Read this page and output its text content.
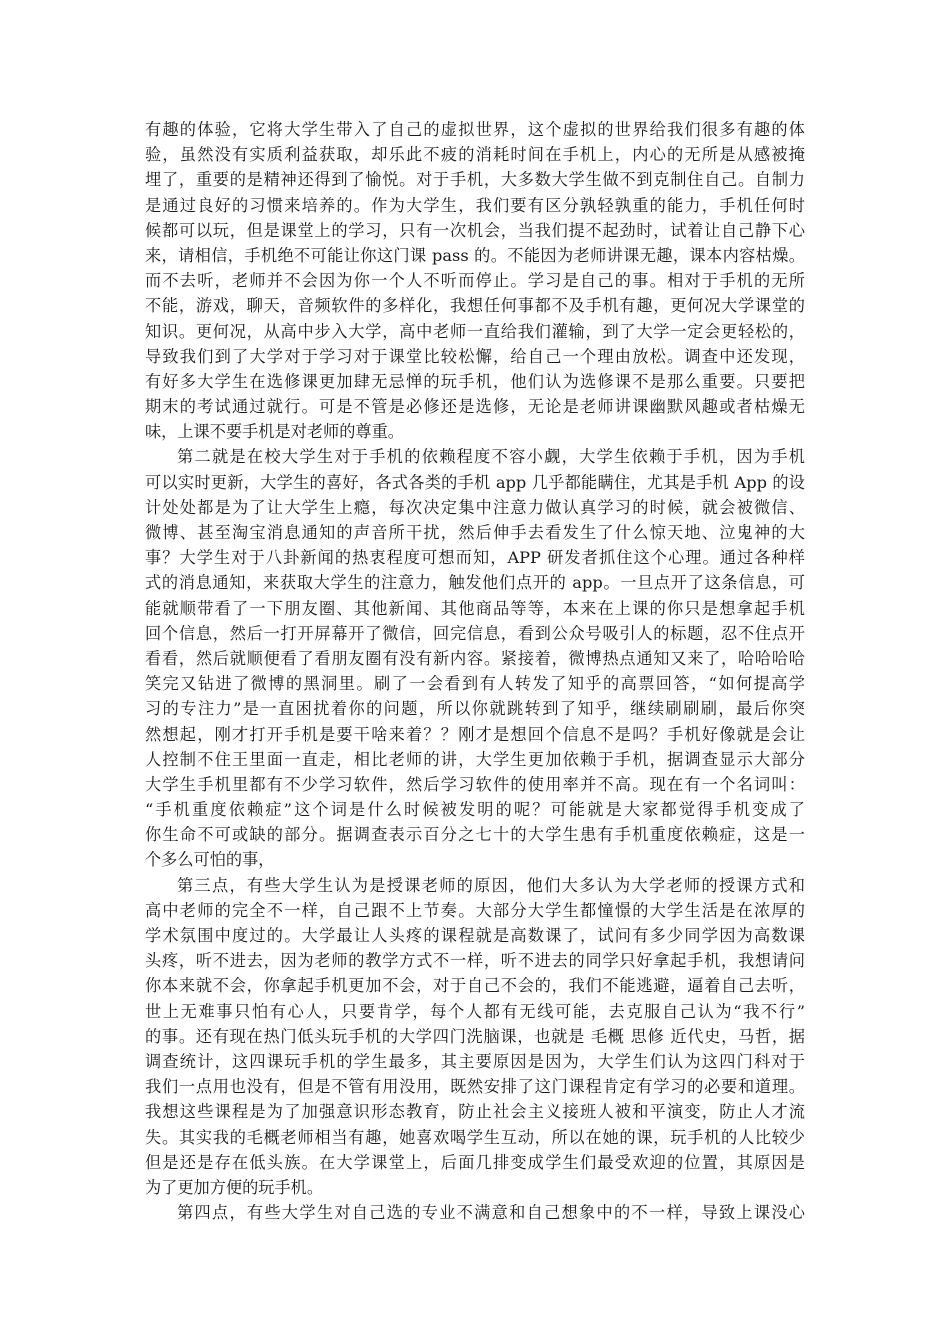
有趣的体验，它将大学生带入了自己的虚拟世界，这个虚拟的世界给我们很多有趣的体
验，虽然没有实质利益获取，却乐此不疲的消耗时间在手机上，内心的无所是从感被掩
埋了，重要的是精神还得到了愉悦。对于手机，大多数大学生做不到克制住自己。自制力
是通过良好的习惯来培养的。作为大学生，我们要有区分孰轻孰重的能力，手机任何时
候都可以玩，但是课堂上的学习，只有一次机会，当我们提不起劲时，试着让自己静下心
来，请相信，手机绝不可能让你这门课 pass 的。不能因为老师讲课无趣，课本内容枯燥。
而不去听，老师并不会因为你一个人不听而停止。学习是自己的事。相对于手机的无所
不能，游戏，聊天，音频软件的多样化，我想任何事都不及手机有趣，更何况大学课堂的
知识。更何况，从高中步入大学，高中老师一直给我们灌输，到了大学一定会更轻松的，
导致我们到了大学对于学习对于课堂比较松懈，给自己一个理由放松。调查中还发现，
有好多大学生在选修课更加肆无忌惮的玩手机，他们认为选修课不是那么重要。只要把
期末的考试通过就行。可是不管是必修还是选修，无论是老师讲课幽默风趣或者枯燥无
味，上课不要手机是对老师的尊重。
第二就是在校大学生对于手机的依赖程度不容小觑，大学生依赖于手机，因为手机
可以实时更新，大学生的喜好，各式各类的手机 app 几乎都能瞒住，尤其是手机 App 的设
计处处都是为了让大学生上瘾，每次决定集中注意力做认真学习的时候，就会被微信、
微博、甚至淘宝消息通知的声音所干扰，然后伸手去看发生了什么惊天地、泣鬼神的大
事？大学生对于八卦新闻的热衷程度可想而知，APP 研发者抓住这个心理。通过各种样
式的消息通知，来获取大学生的注意力，触发他们点开的 app。一旦点开了这条信息，可
能就顺带看了一下朋友圈、其他新闻、其他商品等等，本来在上课的你只是想拿起手机
回个信息，然后一打开屏幕开了微信，回完信息，看到公众号吸引人的标题，忍不住点开
看看，然后就顺便看了看朋友圈有没有新内容。紧接着，微博热点通知又来了，哈哈哈哈
笑完又钻进了微博的黑洞里。刷了一会看到有人转发了知乎的高票回答，“如何提高学
习的专注力”是一直困扰着你的问题，所以你就跳转到了知乎，继续刷刷刷，最后你突
然想起，刚才打开手机是要干啥来着？？刚才是想回个信息不是吗？手机好像就是会让
人控制不住王里面一直走，相比老师的讲，大学生更加依赖于手机，据调查显示大部分
大学生手机里都有不少学习软件，然后学习软件的使用率并不高。现在有一个名词叫：
“手机重度依赖症”这个词是什么时候被发明的呢？可能就是大家都觉得手机变成了
你生命不可或缺的部分。据调查表示百分之七十的大学生患有手机重度依赖症，这是一
个多么可怕的事，
第三点，有些大学生认为是授课老师的原因，他们大多认为大学老师的授课方式和
高中老师的完全不一样，自己跟不上节奏。大部分大学生都憧憬的大学生活是在浓厚的
学术氛围中度过的。大学最让人头疼的课程就是高数课了，试问有多少同学因为高数课
头疼，听不进去，因为老师的教学方式不一样，听不进去的同学只好拿起手机，我想请问
你本来就不会，你拿起手机更加不会，对于自己不会的，我们不能逃避，逼着自己去听，
世上无难事只怕有心人，只要肯学，每个人都有无线可能，去克服自己认为“我不行”
的事。还有现在热门低头玩手机的大学四门洗脑课，也就是 毛概 思修 近代史，马哲，据
调查统计，这四课玩手机的学生最多，其主要原因是因为，大学生们认为这四门科对于
我们一点用也没有，但是不管有用没用，既然安排了这门课程肯定有学习的必要和道理。
我想这些课程是为了加强意识形态教育，防止社会主义接班人被和平演变，防止人才流
失。其实我的毛概老师相当有趣，她喜欢喝学生互动，所以在她的课，玩手机的人比较少
但是还是存在低头族。在大学课堂上，后面几排变成学生们最受欢迎的位置，其原因是
为了更加方便的玩手机。
第四点，有些大学生对自己选的专业不满意和自己想象中的不一样，导致上课没心
